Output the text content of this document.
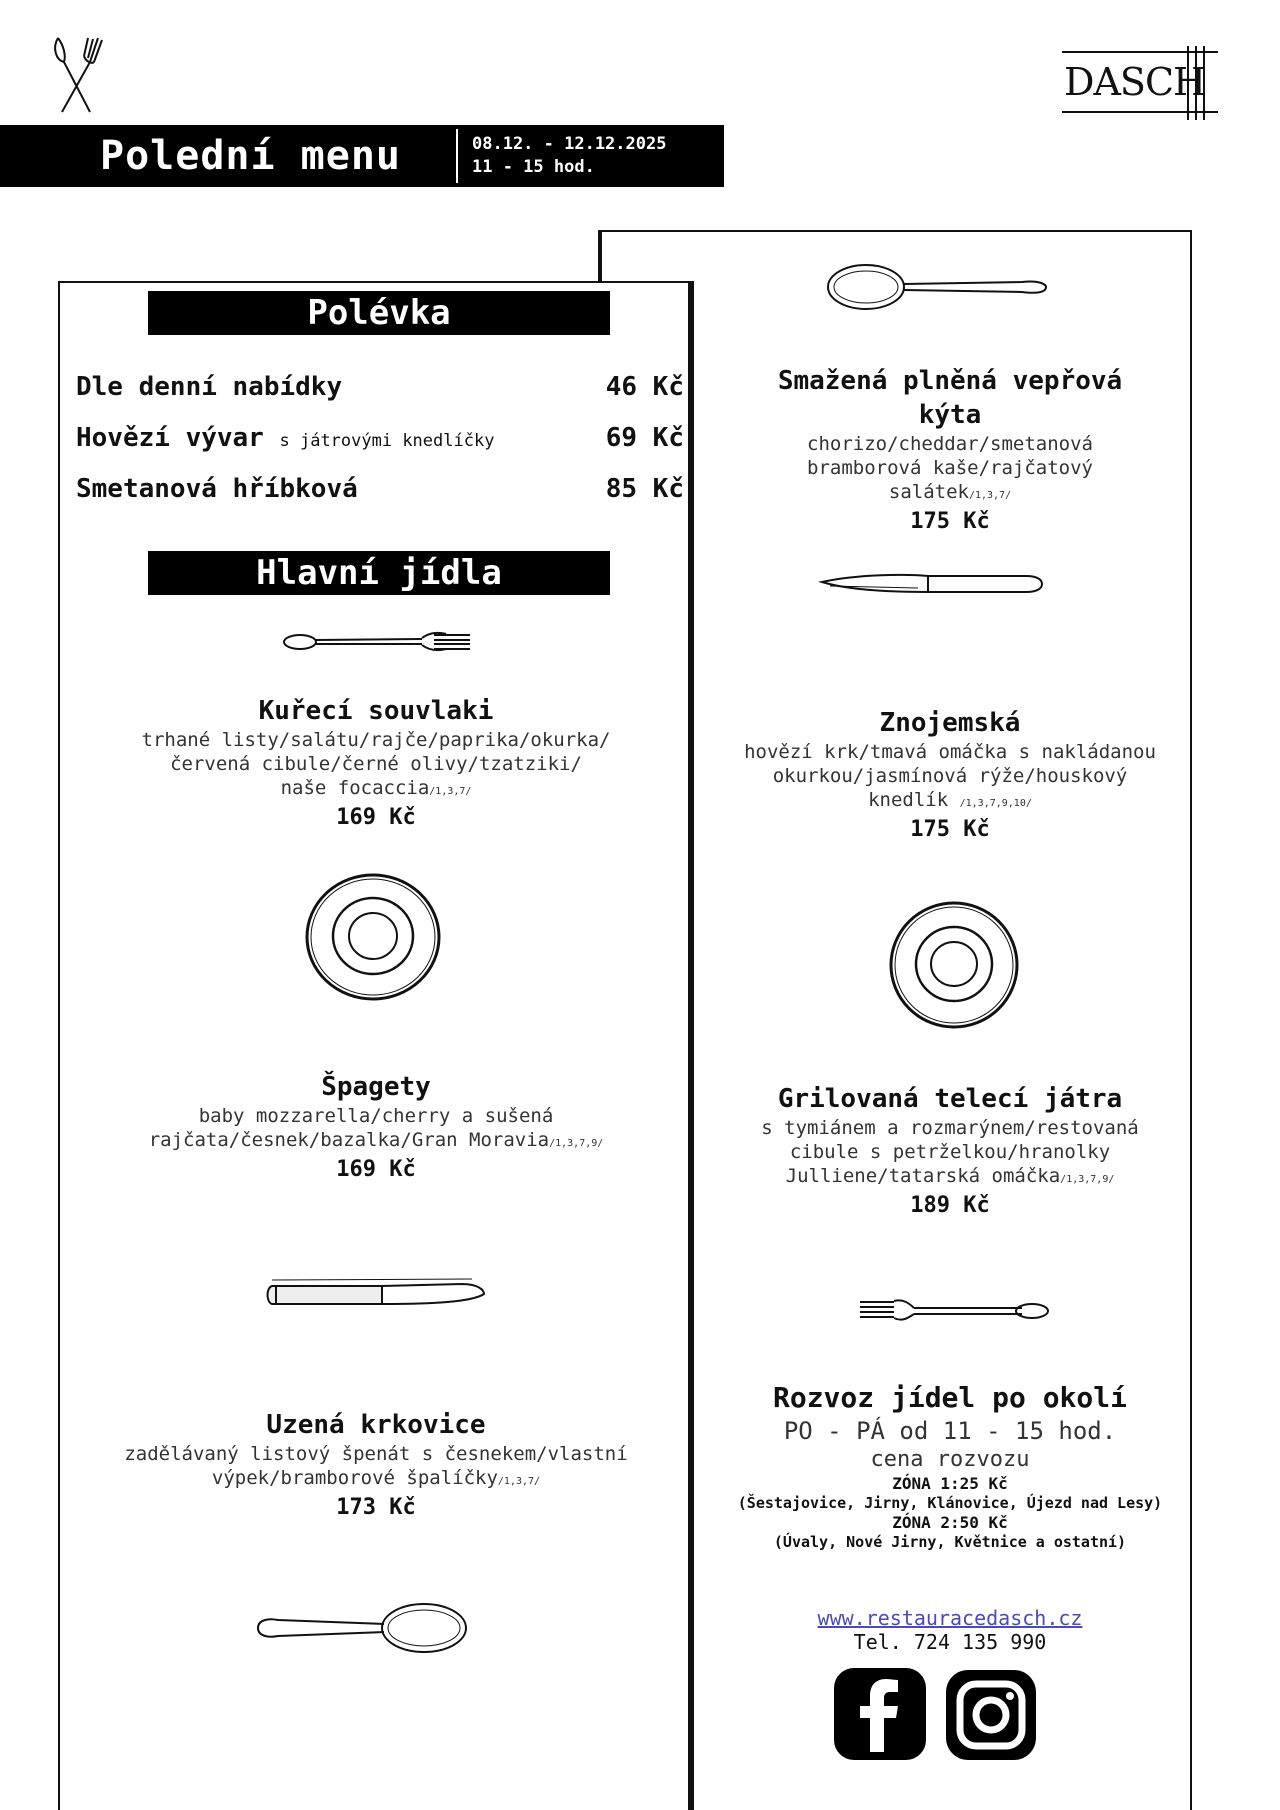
DASCH
Polední menu	08.12. - 12.12.2025
11 - 15 hod.
Polévka
Dle denní nabídky	46 Kč
Hovězí vývar s játrovými knedlíčky	69 Kč
Smetanová hříbková	85 Kč
Hlavní jídla
Kuřecí souvlaki
trhané listy/salátu/rajče/paprika/okurka/
červená cibule/černé olivy/tzatziki/
naše focaccia/1,3,7/
169 Kč
Špagety
baby mozzarella/cherry a sušená
rajčata/česnek/bazalka/Gran Moravia/1,3,7,9/
169 Kč
Uzená krkovice
zadělávaný listový špenát s česnekem/vlastní
výpek/bramborové špalíčky/1,3,7/
173 Kč
Smažená plněná vepřová
kýta
chorizo/cheddar/smetanová
bramborová kaše/rajčatový
salátek/1,3,7/
175 Kč
Znojemská
hovězí krk/tmavá omáčka s nakládanou
okurkou/jasmínová rýže/houskový
knedlík /1,3,7,9,10/
175 Kč
Grilovaná telecí játra
s tymiánem a rozmarýnem/restovaná
cibule s petrželkou/hranolky
Julliene/tatarská omáčka/1,3,7,9/
189 Kč
Rozvoz jídel po okolí
PO - PÁ od 11 - 15 hod.
cena rozvozu
ZÓNA 1:25 Kč
(Šestajovice, Jirny, Klánovice, Újezd nad Lesy)
ZÓNA 2:50 Kč
(Úvaly, Nové Jirny, Květnice a ostatní)
www.restauracedasch.cz
Tel. 724 135 990
